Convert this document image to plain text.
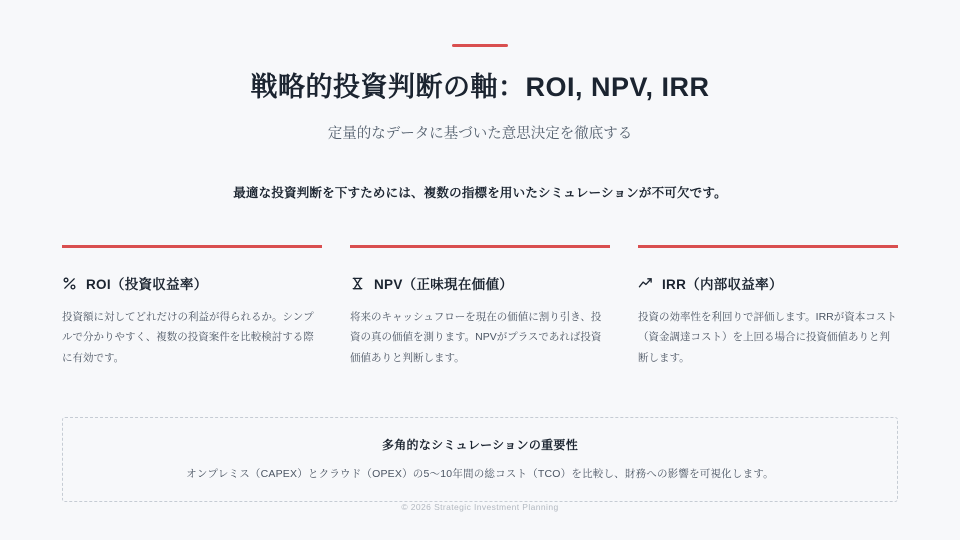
戦略的投資判断の軸：ROI, NPV, IRR

定量的なデータに基づいた意思決定を徹底する

最適な投資判断を下すためには、複数の指標を用いたシミュレーションが不可欠です。

ROI（投資収益率）

投資額に対してどれだけの利益が得られるか。シンプルで分かりやすく、複数の投資案件を比較検討する際に有効です。

NPV（正味現在価値）

将来のキャッシュフローを現在の価値に割り引き、投資の真の価値を測ります。NPVがプラスであれば投資価値ありと判断します。

IRR（内部収益率）

投資の効率性を利回りで評価します。IRRが資本コスト（資金調達コスト）を上回る場合に投資価値ありと判断します。

多角的なシミュレーションの重要性
オンプレミス（CAPEX）とクラウド（OPEX）の5〜10年間の総コスト（TCO）を比較し、財務への影響を可視化します。
© 2026 Strategic Investment Planning
